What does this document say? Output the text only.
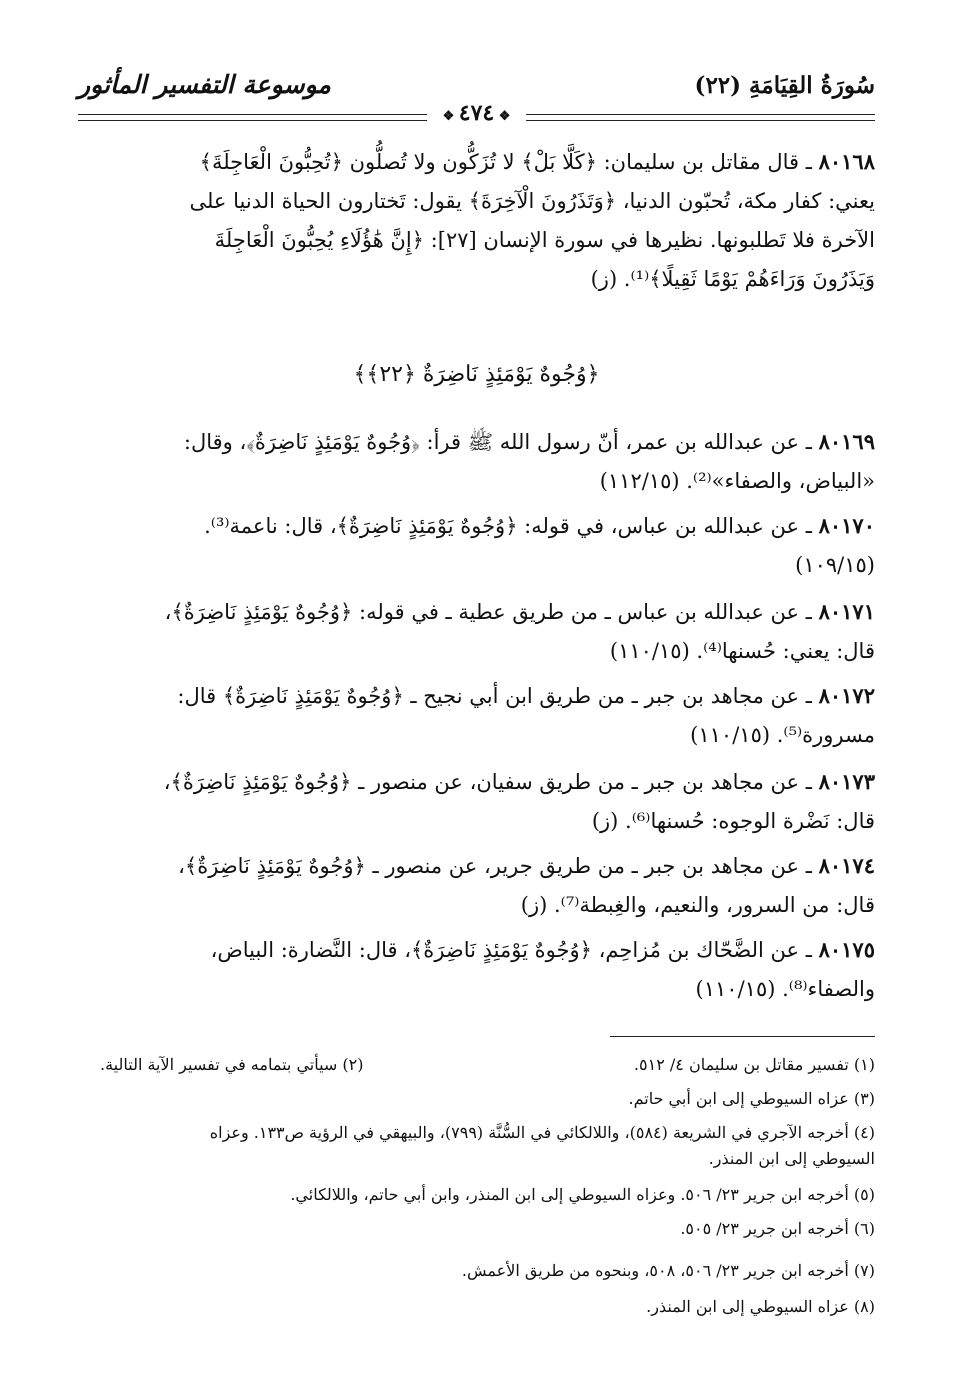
سُورَةُ القِيَامَةِ (٢٢)
موسوعة التفسير المأثور
❖ ٤٧٤ ❖
٨٠١٦٨ ـ قال مقاتل بن سليمان: ﴿كَلَّا بَلْ﴾ لا تُزَكُّون ولا تُصلُّون ﴿تُحِبُّونَ الْعَاجِلَةَ﴾
يعني: كفار مكة، تُحبّون الدنيا، ﴿وَتَذَرُونَ الْآخِرَةَ﴾ يقول: تَختارون الحياة الدنيا على
الآخرة فلا تَطلبونها. نظيرها في سورة الإنسان [٢٧]: ﴿إِنَّ هَٰؤُلَاءِ يُحِبُّونَ الْعَاجِلَةَ
وَيَذَرُونَ وَرَاءَهُمْ يَوْمًا ثَقِيلًا﴾⁽¹⁾. (ز)
﴿وُجُوهٌ يَوْمَئِذٍ نَاضِرَةٌ ﴿٢٢﴾﴾
٨٠١٦٩ ـ عن عبدالله بن عمر، أنّ رسول الله ﷺ قرأ: ﴿وُجُوهٌ يَوْمَئِذٍ نَاضِرَةٌ﴾، وقال:
«البياض، والصفاء»⁽²⁾. (١١٢/١٥)
٨٠١٧٠ ـ عن عبدالله بن عباس، في قوله: ﴿وُجُوهٌ يَوْمَئِذٍ نَاضِرَةٌ﴾، قال: ناعمة⁽³⁾.
(١٠٩/١٥)
٨٠١٧١ ـ عن عبدالله بن عباس ـ من طريق عطية ـ في قوله: ﴿وُجُوهٌ يَوْمَئِذٍ نَاضِرَةٌ﴾،
قال: يعني: حُسنها⁽⁴⁾. (١١٠/١٥)
٨٠١٧٢ ـ عن مجاهد بن جبر ـ من طريق ابن أبي نجيح ـ ﴿وُجُوهٌ يَوْمَئِذٍ نَاضِرَةٌ﴾ قال:
مسرورة⁽⁵⁾. (١١٠/١٥)
٨٠١٧٣ ـ عن مجاهد بن جبر ـ من طريق سفيان، عن منصور ـ ﴿وُجُوهٌ يَوْمَئِذٍ نَاضِرَةٌ﴾،
قال: نَضْرة الوجوه: حُسنها⁽⁶⁾. (ز)
٨٠١٧٤ ـ عن مجاهد بن جبر ـ من طريق جرير، عن منصور ـ ﴿وُجُوهٌ يَوْمَئِذٍ نَاضِرَةٌ﴾،
قال: من السرور، والنعيم، والغِبطة⁽⁷⁾. (ز)
٨٠١٧٥ ـ عن الضَّحّاك بن مُزاحِم، ﴿وُجُوهٌ يَوْمَئِذٍ نَاضِرَةٌ﴾، قال: النَّضارة: البياض،
والصفاء⁽⁸⁾. (١١٠/١٥)
(١) تفسير مقاتل بن سليمان ٤/ ٥١٢.
(٢) سيأتي بتمامه في تفسير الآية التالية.
(٣) عزاه السيوطي إلى ابن أبي حاتم.
(٤) أخرجه الآجري في الشريعة (٥٨٤)، واللالكائي في السُّنَّة (٧٩٩)، والبيهقي في الرؤية ص١٣٣. وعزاه
السيوطي إلى ابن المنذر.
(٥) أخرجه ابن جرير ٢٣/ ٥٠٦. وعزاه السيوطي إلى ابن المنذر، وابن أبي حاتم، واللالكائي.
(٦) أخرجه ابن جرير ٢٣/ ٥٠٥.
(٧) أخرجه ابن جرير ٢٣/ ٥٠٦، ٥٠٨، وبنحوه من طريق الأعمش.
(٨) عزاه السيوطي إلى ابن المنذر.
